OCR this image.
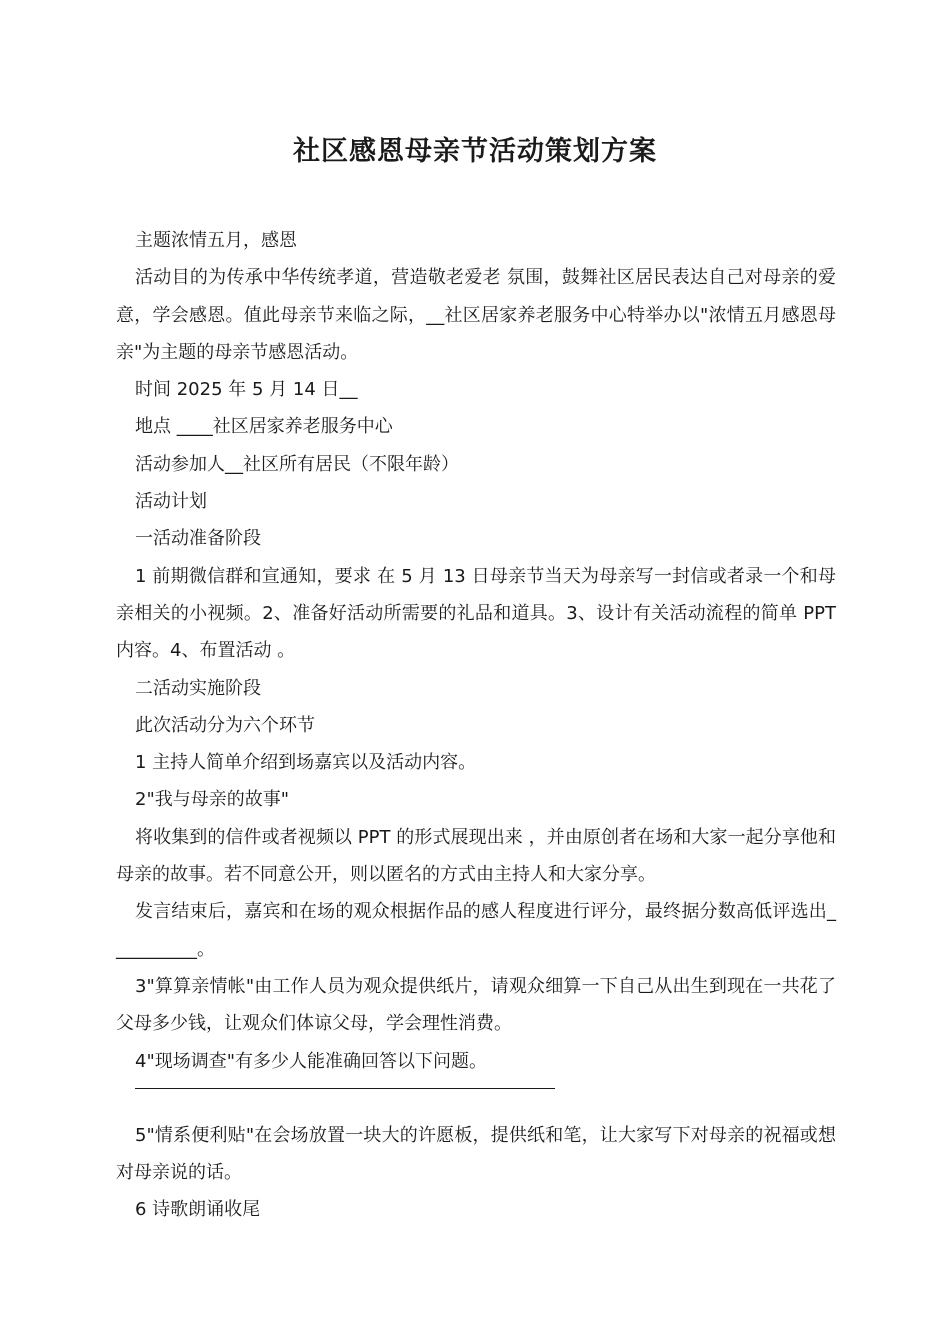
社区感恩母亲节活动策划方案

主题浓情五月，感恩

活动目的为传承中华传统孝道，营造敬老爱老 氛围，鼓舞社区居民表达自己对母亲的爱意，学会感恩。值此母亲节来临之际，__社区居家养老服务中心特举办以"浓情五月感恩母亲"为主题的母亲节感恩活动。

时间 2025 年 5 月 14 日__

地点 ____社区居家养老服务中心

活动参加人__社区所有居民（不限年龄）

活动计划

一活动准备阶段

1 前期微信群和宣通知，要求 在 5 月 13 日母亲节当天为母亲写一封信或者录一个和母亲相关的小视频。2、准备好活动所需要的礼品和道具。3、设计有关活动流程的简单 PPT 内容。4、布置活动 。

二活动实施阶段

此次活动分为六个环节

1 主持人简单介绍到场嘉宾以及活动内容。

2"我与母亲的故事"

将收集到的信件或者视频以 PPT 的形式展现出来 ，并由原创者在场和大家一起分享他和母亲的故事。若不同意公开，则以匿名的方式由主持人和大家分享。

发言结束后，嘉宾和在场的观众根据作品的感人程度进行评分，最终据分数高低评选出__________。

3"算算亲情帐"由工作人员为观众提供纸片，请观众细算一下自己从出生到现在一共花了父母多少钱，让观众们体谅父母，学会理性消费。

4"现场调查"有多少人能准确回答以下问题。

5"情系便利贴"在会场放置一块大的许愿板，提供纸和笔，让大家写下对母亲的祝福或想对母亲说的话。

6 诗歌朗诵收尾
